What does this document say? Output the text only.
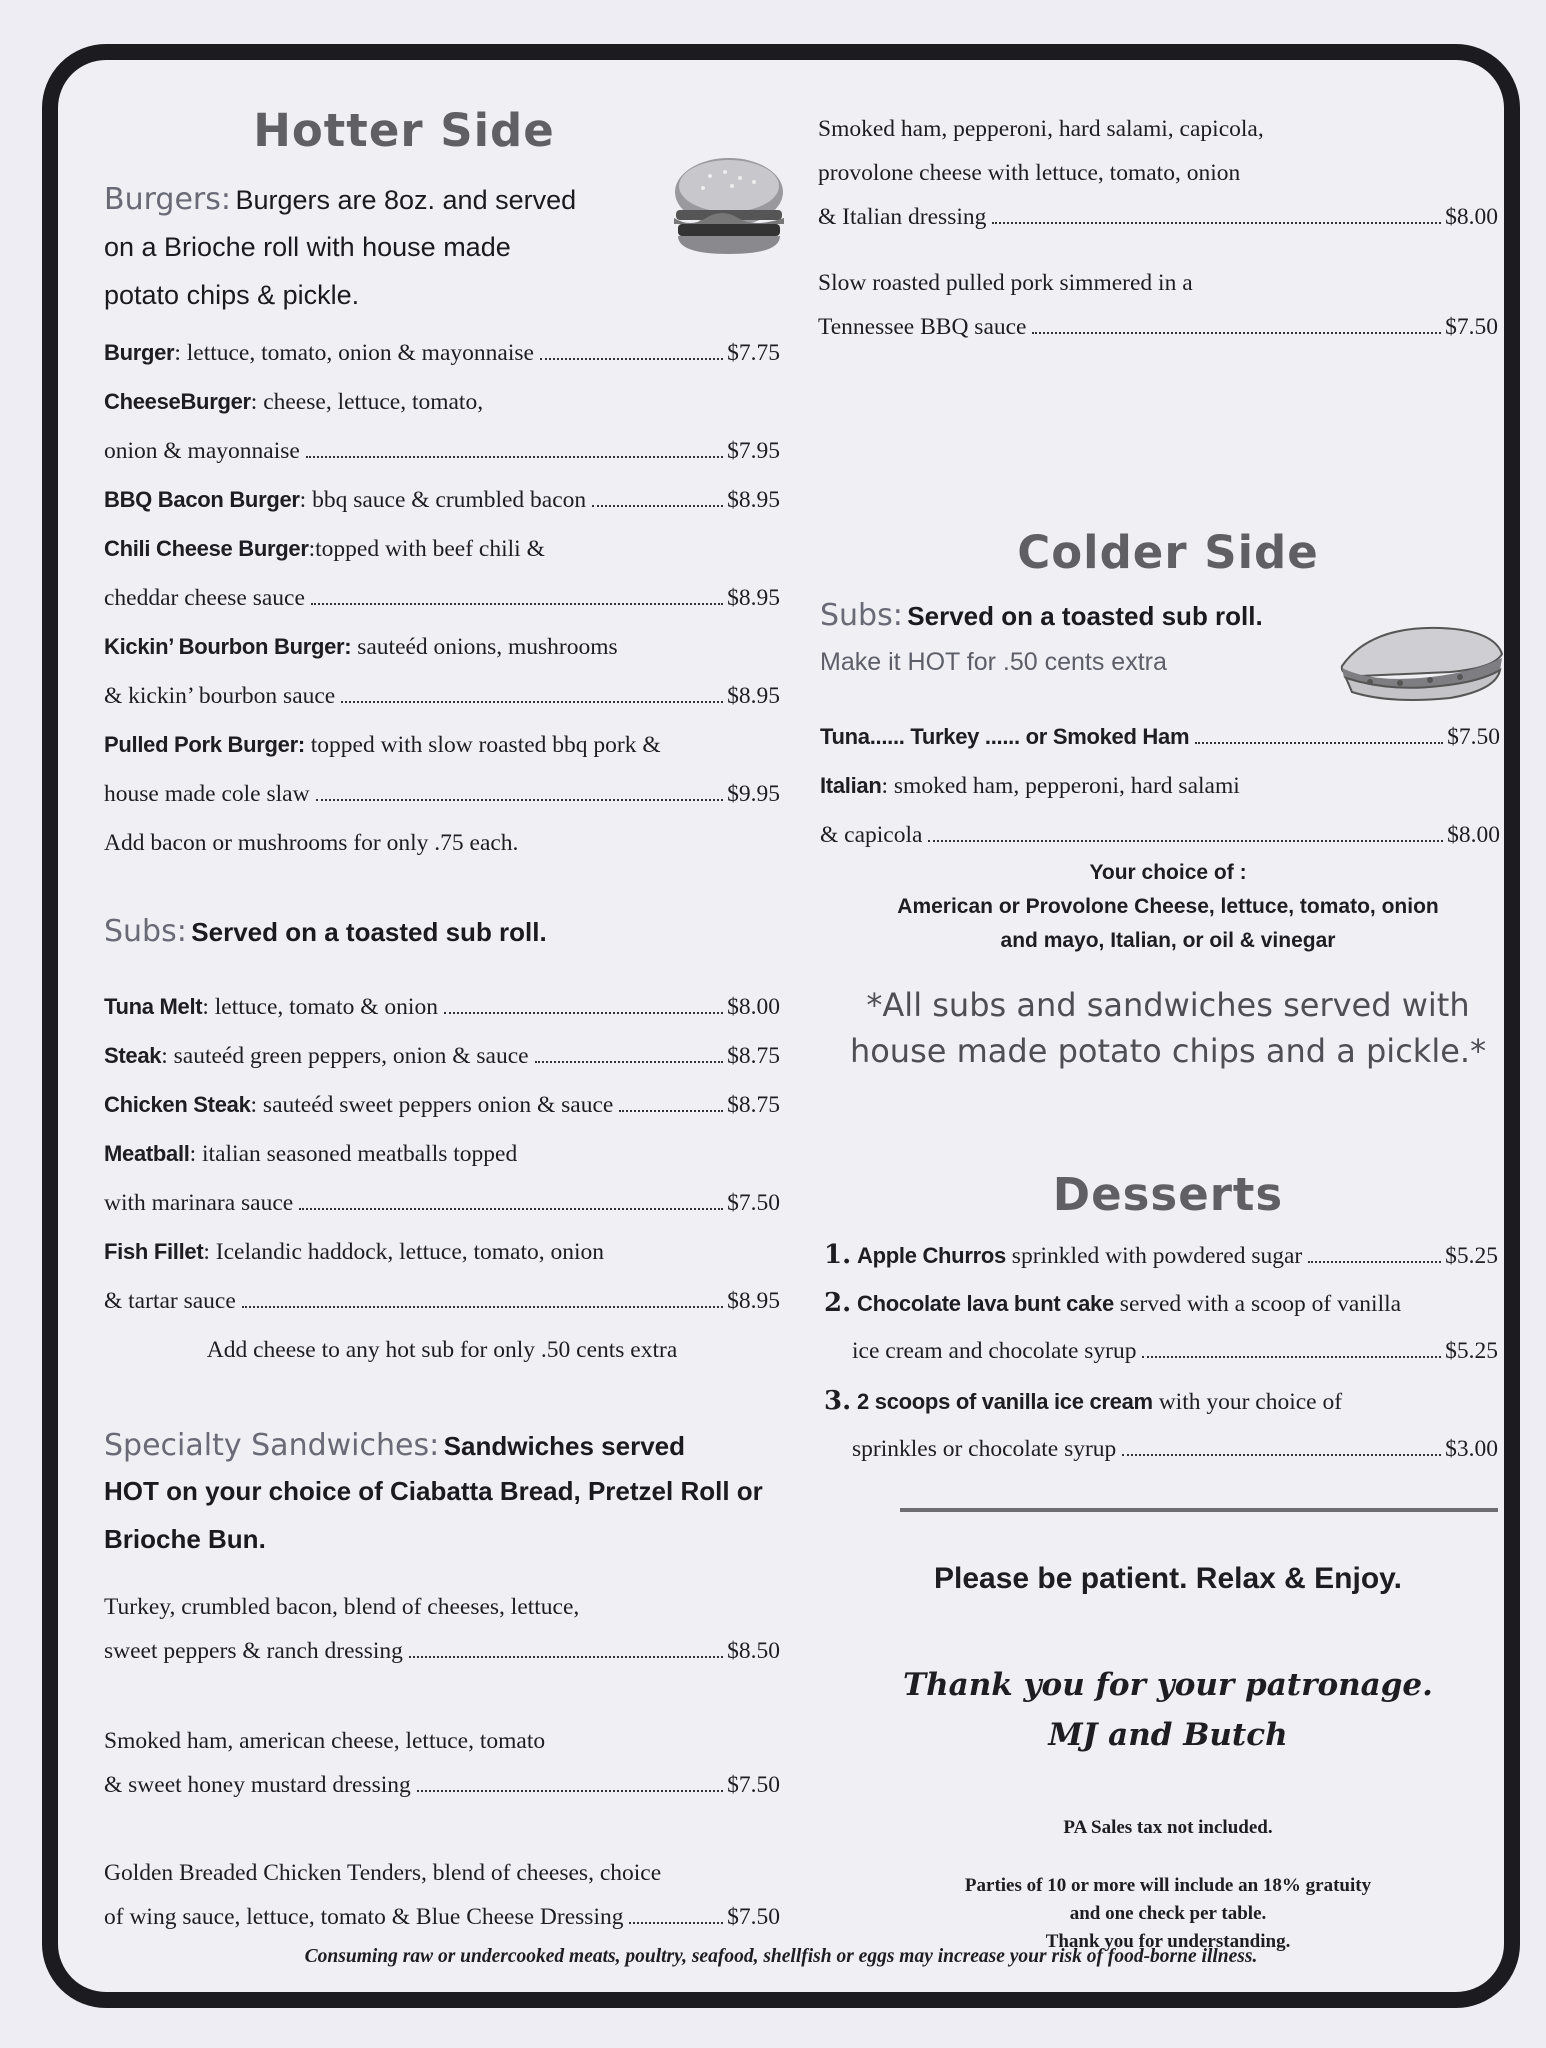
Hotter Side
Burgers: Burgers are 8oz. and served
on a Brioche roll with house made
potato chips & pickle.
Burger: lettuce, tomato, onion & mayonnaise	$7.75
CheeseBurger: cheese, lettuce, tomato,
onion & mayonnaise	$7.95
BBQ Bacon Burger: bbq sauce & crumbled bacon	$8.95
Chili Cheese Burger:topped with beef chili &
cheddar cheese sauce	$8.95
Kickin’ Bourbon Burger: sauteéd onions, mushrooms
& kickin’ bourbon sauce	$8.95
Pulled Pork Burger: topped with slow roasted bbq pork &
house made cole slaw	$9.95
Add bacon or mushrooms for only .75 each.
Subs: Served on a toasted sub roll.
Tuna Melt: lettuce, tomato & onion	$8.00
Steak: sauteéd green peppers, onion & sauce	$8.75
Chicken Steak: sauteéd sweet peppers onion & sauce	$8.75
Meatball: italian seasoned meatballs topped
with marinara sauce	$7.50
Fish Fillet: Icelandic haddock, lettuce, tomato, onion
& tartar sauce	$8.95
Add cheese to any hot sub for only .50 cents extra
Specialty Sandwiches: Sandwiches served
HOT on your choice of Ciabatta Bread, Pretzel Roll or
Brioche Bun.
Turkey, crumbled bacon, blend of cheeses, lettuce,
sweet peppers & ranch dressing	$8.50
Smoked ham, american cheese, lettuce, tomato
& sweet honey mustard dressing	$7.50
Golden Breaded Chicken Tenders, blend of cheeses, choice
of wing sauce, lettuce, tomato & Blue Cheese Dressing	$7.50
Smoked ham, pepperoni, hard salami, capicola,
provolone cheese with lettuce, tomato, onion
& Italian dressing	$8.00
Slow roasted pulled pork simmered in a
Tennessee BBQ sauce	$7.50
Colder Side
Subs: Served on a toasted sub roll.
Make it HOT for .50 cents extra
Tuna...... Turkey ...... or Smoked Ham	$7.50
Italian: smoked ham, pepperoni, hard salami
& capicola	$8.00
Your choice of :
American or Provolone Cheese, lettuce, tomato, onion
and mayo, Italian, or oil & vinegar
*All subs and sandwiches served with
house made potato chips and a pickle.*
Desserts
1. Apple Churros sprinkled with powdered sugar	$5.25
2. Chocolate lava bunt cake served with a scoop of vanilla
ice cream and chocolate syrup	$5.25
3. 2 scoops of vanilla ice cream with your choice of
sprinkles or chocolate syrup	$3.00
Please be patient. Relax & Enjoy.
Thank you for your patronage.
MJ and Butch
PA Sales tax not included.
Parties of 10 or more will include an 18% gratuity
and one check per table.
Thank you for understanding.
Consuming raw or undercooked meats, poultry, seafood, shellfish or eggs may increase your risk of food-borne illness.
